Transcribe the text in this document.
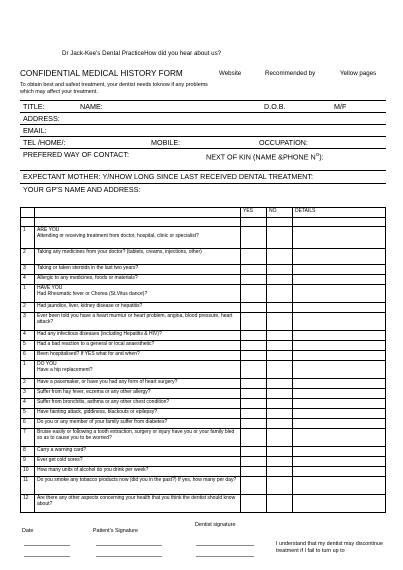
Dr Jack-Kee’s Dental PracticeHow did you hear about us?
CONFIDENTIAL MEDICAL HISTORY FORM	Website	Recommended by	Yellow pages
To obtain best and safest treatment, your dentist needs toknow if any problems which may affect your treatment.
TITLE:	NAME:	D.O.B.	M/F
ADDRESS:
EMAIL:
TEL /HOME/:	MOBILE:	OCCUPATION:
PREFERED WAY OF CONTACT:	NEXT OF KIN (NAME &PHONE $N^O$):
EXPECTANT MOTHER: Y/NHOW LONG SINCE LAST RECEIVED DENTAL TREATMENT:
YOUR GP’S NAME AND ADDRESS:
		YES	NO	DETAILS

1	ARE YOU
Attending or receiving treatment from doctor, hospital, clinic or specialist?			
2	Taking any medicines from your doctor? (tablets, creams, injections, other)			
3	Taking or taken steroids in the last two years?			
4	Allergic to any medicines, foods or materials?			
1	HAVE YOU
Had Rheumatic fever or Chorea (St.Vitus dance)?			
2	Had jaundice, liver, kidney disease or hepatitis?			
3	Ever been told you have a heart murmur or heart problem, angina, blood pressure, heart attack?			
4	Had any infectious diseases (including Hepatitis & HIV)?			
5	Had a bad reaction to a general or local anaesthetic?			
6	Been hospitalised? If YES what for and when?			
1	DO YOU
Have a hip replacement?			
2	Have a pacemaker, or have you had any form of heart surgery?			
3	Suffer from hay fever, eczema or any other allergy?			
4	Suffer from bronchitis, asthma or any other chest condition?			
5	Have fainting attack, giddiness, blackouts or epilepsy?			
6	Do you or any member of your family suffer from diabetes?			
7	Bruise easily or following a tooth extraction, surgery or injury have you or your family bled so as to cause you to be worried?			
8	Carry a warning card?			
9	Ever get cold sores?			
10	How many units of alcohol do you drink per week?			
11	Do you smoke any tobacco products now (did you in the past?) If yes, how many per day?			
12	Are there any other aspects concerning your health that you think the dentist should know about?			
Date	Patient’s Signature
Dentist signature
I understand that my dentist may discontinue treatment if I fail to turn up to
